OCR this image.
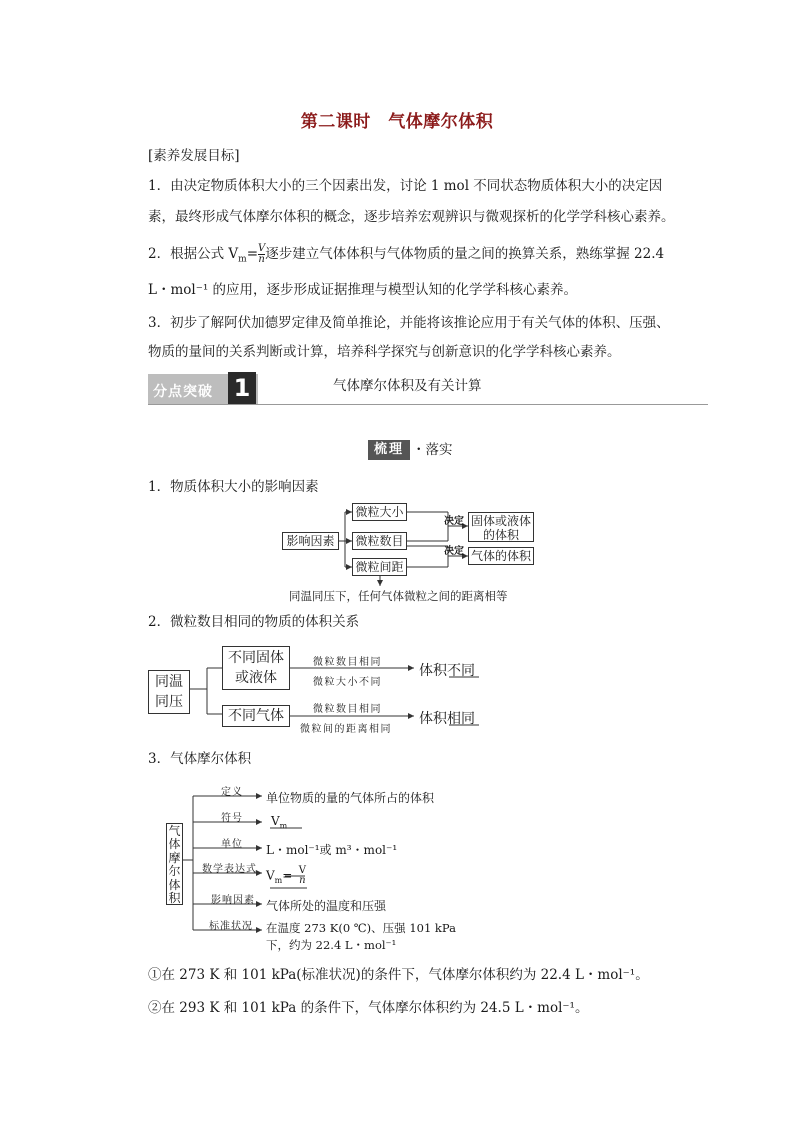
第二课时　气体摩尔体积
[素养发展目标]
1．由决定物质体积大小的三个因素出发，讨论 1 mol 不同状态物质体积大小的决定因
素，最终形成气体摩尔体积的概念，逐步培养宏观辨识与微观探析的化学学科核心素养。
2．根据公式 $V_m= \frac{V}{n}$ 逐步建立气体体积与气体物质的量之间的换算关系，熟练掌握 22.4
L・mol⁻¹ 的应用，逐步形成证据推理与模型认知的化学学科核心素养。
3．初步了解阿伏加德罗定律及简单推论，并能将该推论应用于有关气体的体积、压强、
物质的量间的关系判断或计算，培养科学探究与创新意识的化学学科核心素养。
分点突破 1	气体摩尔体积及有关计算
梳理 ・落实
1．物质体积大小的影响因素
2．微粒数目相同的物质的体积关系
3．气体摩尔体积
影响因素
微粒大小
微粒数目
微粒间距
决定
决定
固体或液体
的体积
气体的体积
同温同压下，任何气体微粒之间的距离相等
同温
同压
不同固体
或液体
不同气体
微粒数目相同
微粒大小不同
微粒数目相同
微粒间的距离相同
体积不同
体积相同
气
体
摩
尔
体
积
定义
符号
单位
数学表达式
影响因素
标准状况
单位物质的量的气体所占的体积
$V_m$
L・mol⁻¹或 m³・mol⁻¹
$V_m= V$
n
气体所处的温度和压强
在温度 273 K(0 ℃)、压强 101 kPa
下，约为 22.4 L・mol⁻¹
①在 273 K 和 101 kPa(标准状况)的条件下，气体摩尔体积约为 22.4 L・mol⁻¹。
②在 293 K 和 101 kPa 的条件下，气体摩尔体积约为 24.5 L・mol⁻¹。
